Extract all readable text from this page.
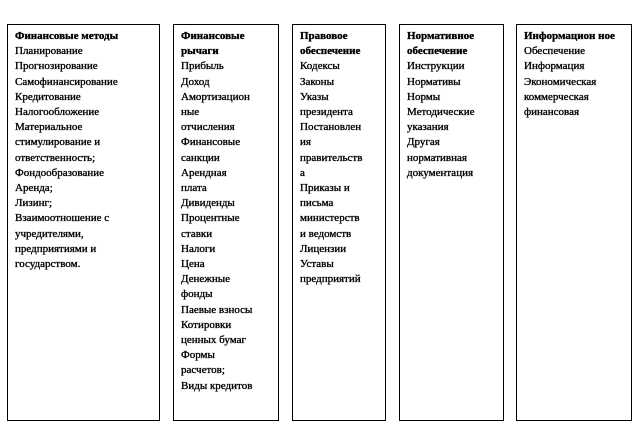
Финансовые методы
Планирование
Прогнозирование
Самофинансирование
Кредитование
Налогообложение
Материальное
стимулирование и
ответственность;
Фондообразование
Аренда;
Лизинг;
Взаимоотношение с
учредителями,
предприятиями и
государством.
Финансовые рычаги
Прибыль
Доход
Амортизацион
ные
отчисления
Финансовые
санкции
Арендная
плата
Дивиденды
Процентные
ставки
Налоги
Цена
Денежные
фонды
Паевые взносы
Котировки
ценных бумаг
Формы
расчетов;
Виды кредитов
Правовое обеспечение
Кодексы
Законы
Указы
президента
Постановлен
ия
правительств
а
Приказы и
письма
министерств
и ведомств
Лицензии
Уставы
предприятий
Нормативное обеспечение
Инструкции
Нормативы
Нормы
Методические
указания
Другая
нормативная
документация
Информацион ное
Обеспечение
Информация
Экономическая
коммерческая
финансовая
